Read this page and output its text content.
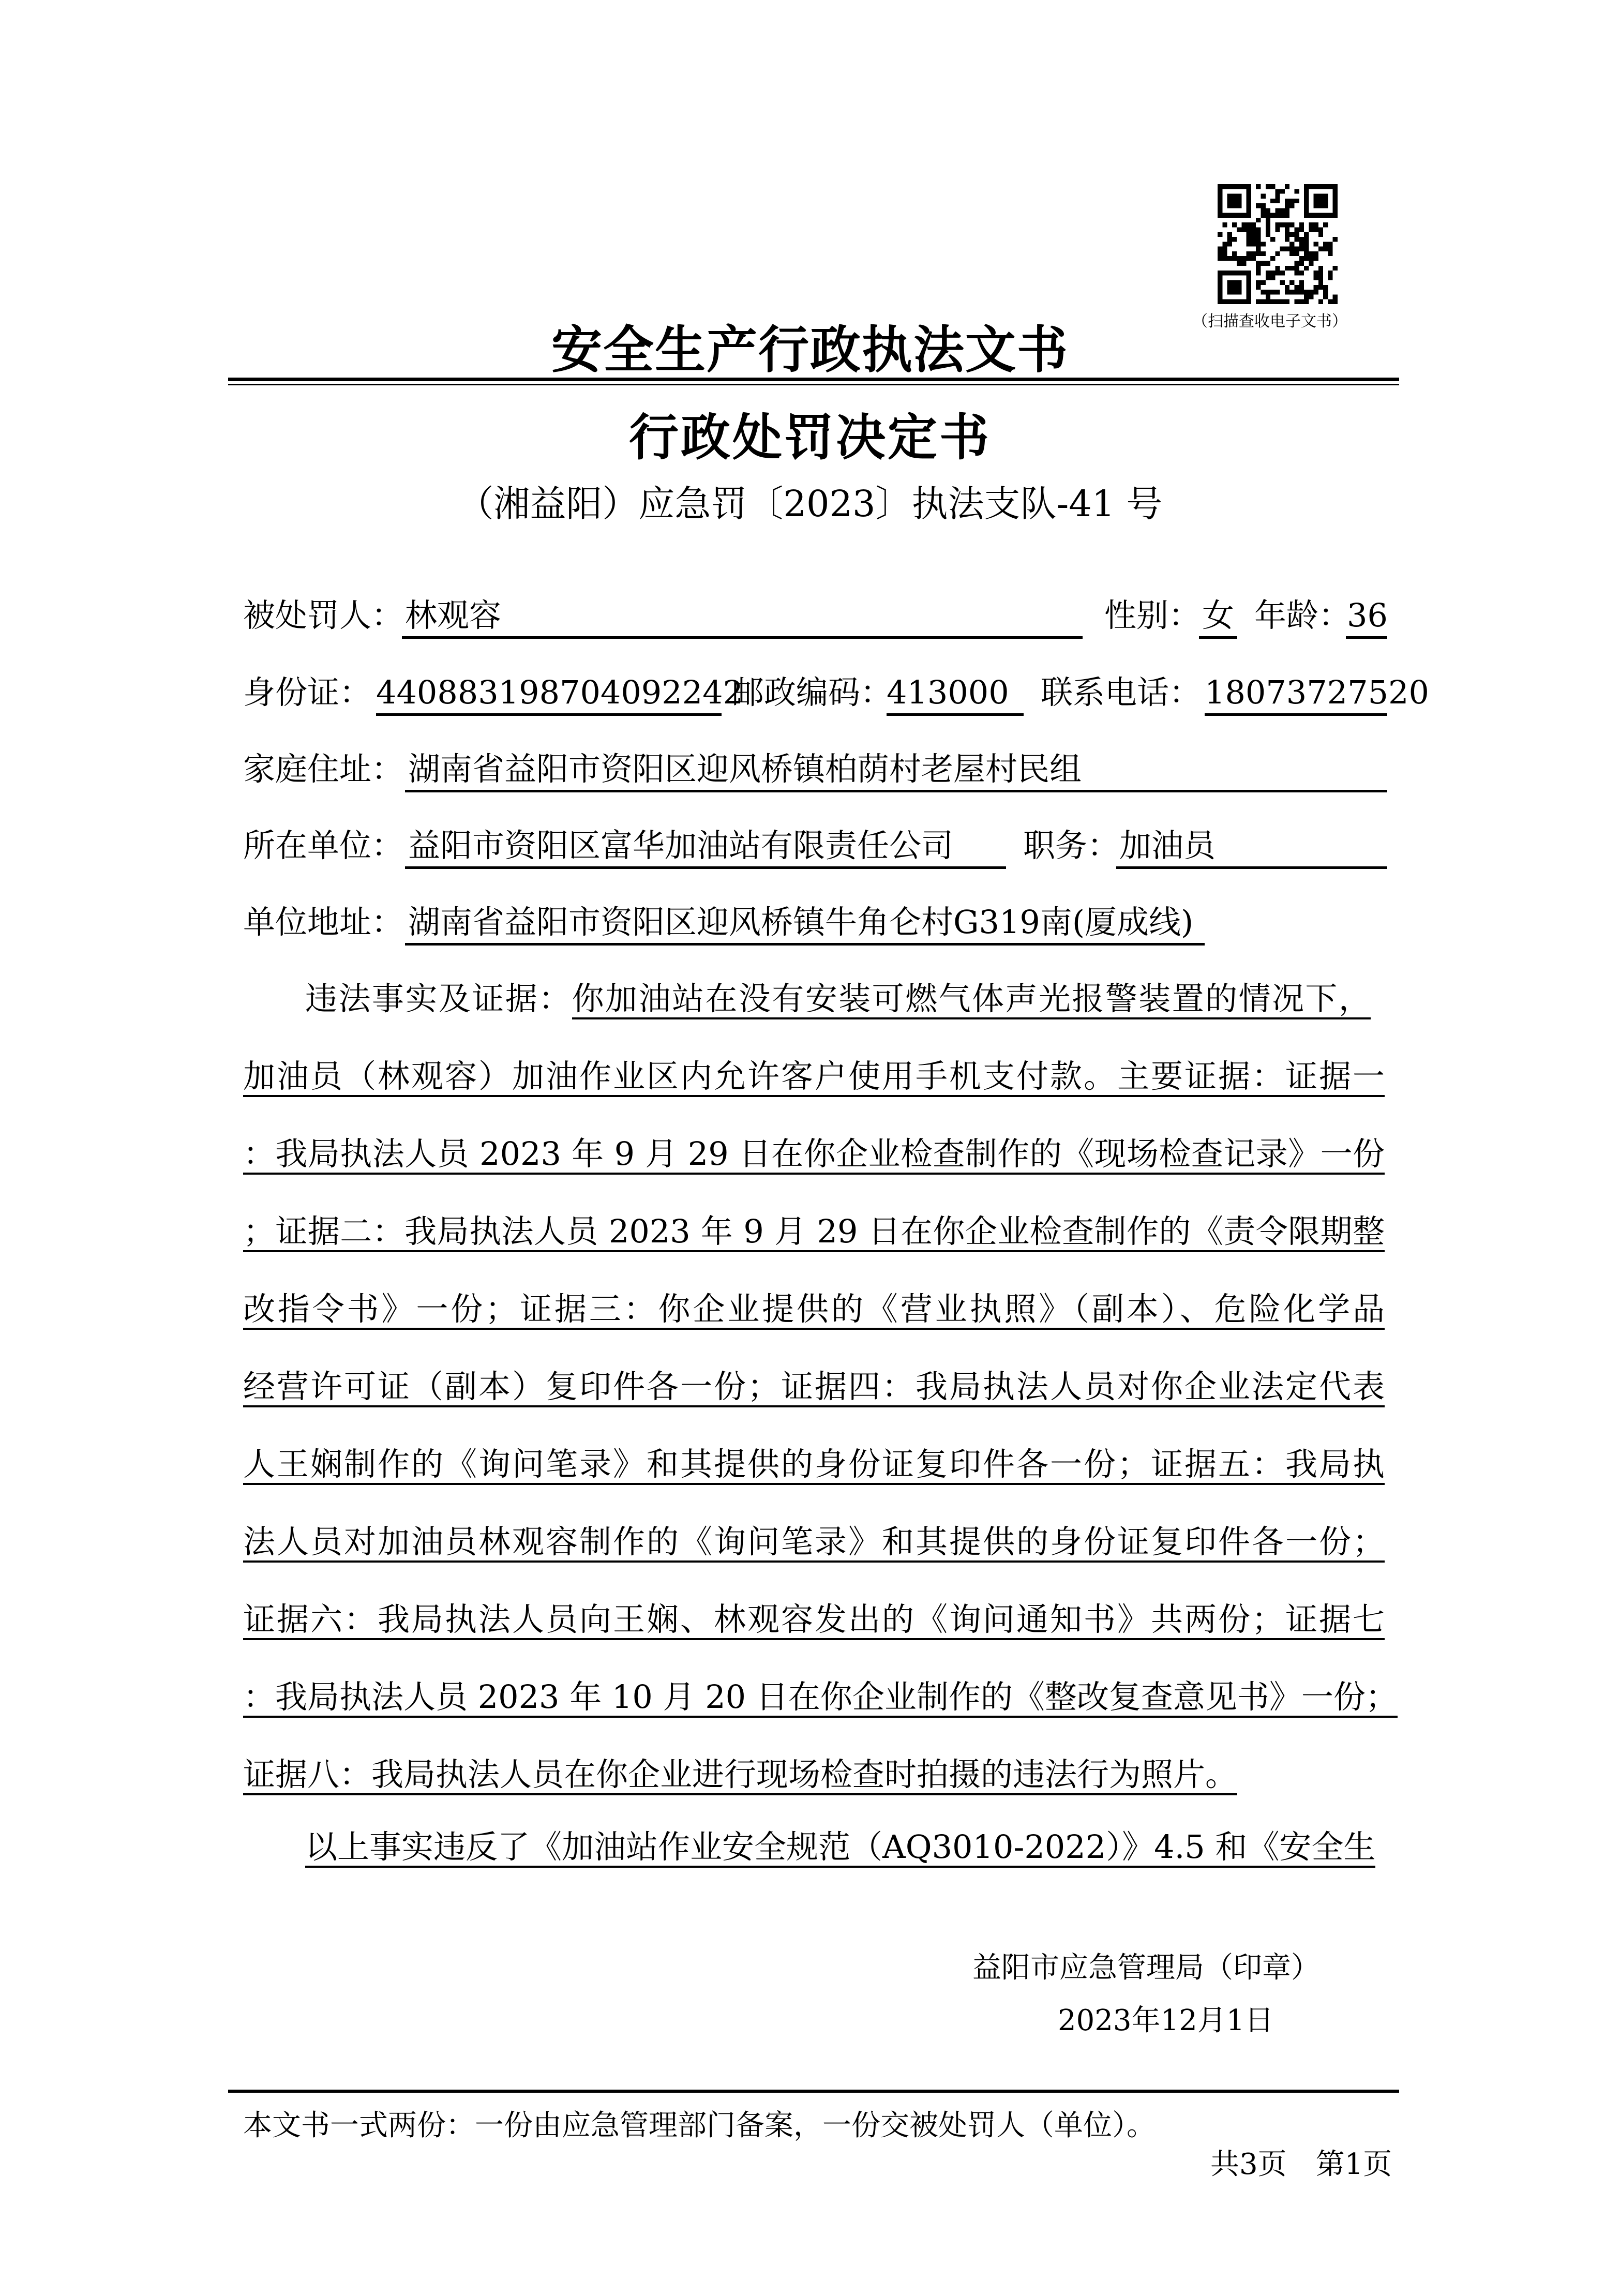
（扫描查收电子文书）
安全生产行政执法文书
行政处罚决定书
（湘益阳）应急罚〔2023〕执法支队-41 号
被处罚人： 林观容	性别： 女 年龄：
36
身份证： 440883198704092242
邮政编码：
413000 联系电话： 18073727520
家庭住址： 湖南省益阳市资阳区迎风桥镇柏荫村老屋村民组
所在单位： 益阳市资阳区富华加油站有限责任公司	职务： 加油员
单位地址： 湖南省益阳市资阳区迎风桥镇牛角仑村G319南(厦成线)
违法事实及证据：你加油站在没有安装可燃气体声光报警装置的情况下，
加油员（林观容）加油作业区内允许客户使用手机支付款。主要证据：证据一
：我局执法人员 2023 年 9 月 29 日在你企业检查制作的《现场检查记录》一份
；证据二：我局执法人员 2023 年 9 月 29 日在你企业检查制作的《责令限期整
改指令书》一份；证据三：你企业提供的《营业执照》（副本）、危险化学品
经营许可证（副本）复印件各一份；证据四：我局执法人员对你企业法定代表
人王娴制作的《询问笔录》和其提供的身份证复印件各一份；证据五：我局执
法人员对加油员林观容制作的《询问笔录》和其提供的身份证复印件各一份；
证据六：我局执法人员向王娴、林观容发出的《询问通知书》共两份；证据七
：我局执法人员 2023 年 10 月 20 日在你企业制作的《整改复查意见书》一份；
证据八：我局执法人员在你企业进行现场检查时拍摄的违法行为照片。
以上事实违反了《加油站作业安全规范（AQ3010-2022）》4.5 和《安全生
益阳市应急管理局（印章）
2023年12月1日
本文书一式两份：一份由应急管理部门备案，一份交被处罚人（单位）。
共3页　第1页
